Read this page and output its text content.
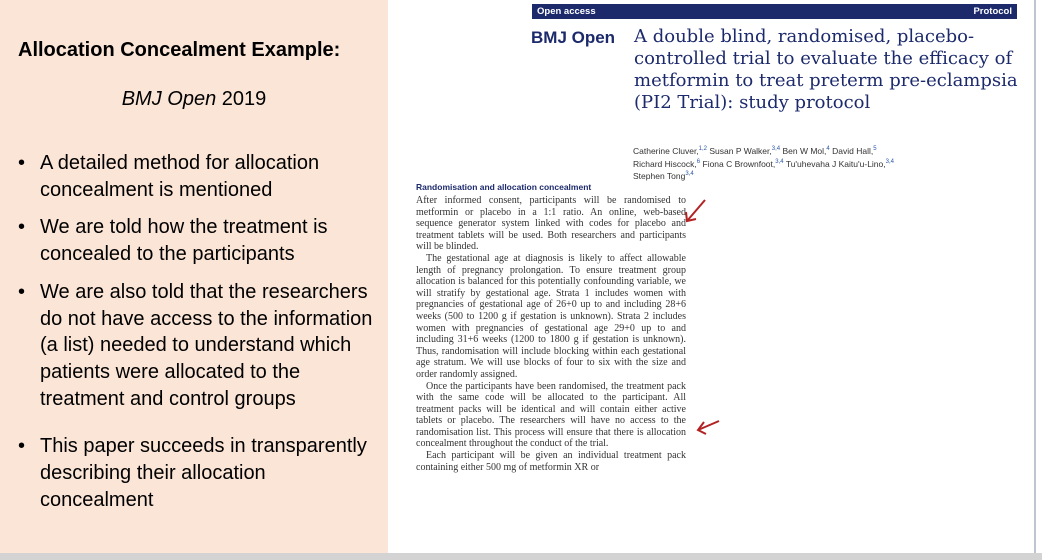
Allocation Concealment Example:
BMJ Open 2019
• A detailed method for allocation concealment is mentioned
• We are told how the treatment is concealed to the participants
• We are also told that the researchers do not have access to the information (a list) needed to understand which patients were allocated to the treatment and control groups
• This paper succeeds in transparently describing their allocation concealment
Open access	Protocol
BMJ Open A double blind, randomised, placebo-controlled trial to evaluate the efficacy of metformin to treat preterm pre-eclampsia (PI2 Trial): study protocol
Catherine Cluver,$^{1,2}$ Susan P Walker,$^{3,4}$ Ben W Mol,$^4$ David Hall,$^5$
Richard Hiscock,$^6$ Fiona C Brownfoot,$^{3,4}$ Tu'uhevaha J Kaitu'u-Lino,$^{3,4}$
Stephen Tong$^{3,4}$
Randomisation and allocation concealment

After informed consent, participants will be randomised to metformin or placebo in a 1:1 ratio. An online, web-based sequence generator system linked with codes for placebo and treatment tablets will be used. Both researchers and participants will be blinded.

The gestational age at diagnosis is likely to affect allowable length of pregnancy prolongation. To ensure treatment group allocation is balanced for this potentially confounding variable, we will stratify by gestational age. Strata 1 includes women with pregnancies of gestational age of 26+0 up to and including 28+6 weeks (500 to 1200 g if gestation is unknown). Strata 2 includes women with pregnancies of gestational age 29+0 up to and including 31+6 weeks (1200 to 1800 g if gestation is unknown). Thus, randomisation will include blocking within each gestational age stratum. We will use blocks of four to six with the size and order randomly assigned.

Once the participants have been randomised, the treatment pack with the same code will be allocated to the participant. All treatment packs will be identical and will contain either active tablets or placebo. The researchers will have no access to the randomisation list. This process will ensure that there is allocation concealment throughout the conduct of the trial.

Each participant will be given an individual treatment pack containing either 500 mg of metformin XR or
